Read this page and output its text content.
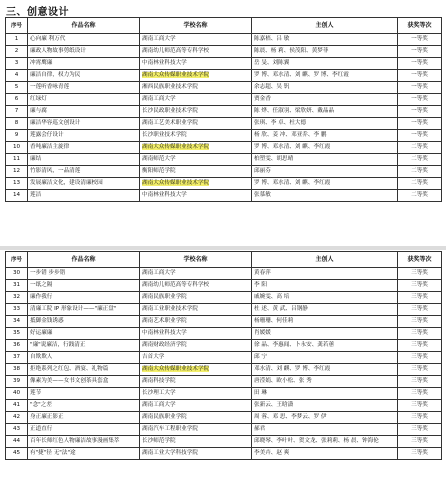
三、创意设计
序号	作品名称	学校名称	主创人	获奖等次
1	心向廉 利万代	湖南工商大学	陈嘉梧、吕 敏	一等奖
2	廉政人物故事剪纸设计	湖南幼儿师范高等专科学校	陈晨、杨 莉、侯茂阳、黄梦菲	一等奖
3	冲霄鹰廉	中南林业科技大学	岳 旻、刘陈翼	一等奖
4	廉洁自律，权力为民	湖南大众传媒职业技术学院	罗 博、邓水清、刘 麒、罗 博、李红霞	一等奖
5	一莲听香咏青莲	湘西民族职业技术学院	余志超、吴 钒	一等奖
6	红绿灯	湖南工商大学	贾金香	一等奖
7	廉与腐	长沙民政职业技术学院	陈 烨、任淑羽、梁欣妍、戴晶晶	一等奖
8	廉洁华容巡文创设计	湖南工艺美术职业学院	张琪、李 卓、杜大德	一等奖
9	莲露会仔设计	长沙职业技术学院	杨 欣、姜 冲、邓亚乔、李 鹏	一等奖
10	香吨廉洁主旋律	湖南大众传媒职业技术学院	罗 博、邓水清、刘 麒、李红霞	二等奖
11	廉结	湖南师范大学	柏塑雯、胡思晴	二等奖
12	竹影清风，一品清莲	衡阳师范学院	邱丽芬	二等奖
13	发展廉洁文化，建设清廉校园	湖南大众传媒职业技术学院	罗 博、邓水清、刘 麒、李红霞	二等奖
14	莲洁	中南林业科技大学	张慕敏	二等奖
序号	作品名称	学校名称	主创人	获奖等次
30	一步错 步步错	湖南工商大学	黄春萍	三等奖
31	一纸之隔	湖南幼儿师范高等专科学校	李 阳	三等奖
32	廉作我行	湖南民族职业学院	戚婉雯、高 培	三等奖
33	清廉工院 IP 形象设计——"廉正盘"	湖南工业职业技术学院	杜 述、黄 武、吕钢静	三等奖
34	抵御金钱诱惑	湖南艺术职业学院	杨珊珊、何佳莉	三等奖
35	好运廉廉	中南林业科技大学	肖媛媛	三等奖
36	"廉"说廉洁，行践清正	湖南财政经济学院	徐 晶、李惠闻、卜永安、龚若蕙	三等奖
37	自欺欺人	吉首大学	邱 宁	三等奖
38	拒绝系列之红包、酒宴、礼物篇	湖南大众传媒职业技术学院	邓水清、刘 麒、罗 博、李红霞	三等奖
39	像素为美——女书文创茶具套盒	湖南科技学院	唐滢娟、欧小松、张 秀	三等奖
40	莲节	长沙理工大学	田 琳	三等奖
41	"念"之差	湖南工商大学	张新云、王晗潇	三等奖
42	身正廉正影正	湖南民族职业学院	周 蓉、邓 思、李梦云、罗 伊	三等奖
43	正道直行	湖南汽车工程职业学院	郝君	三等奖
44	百年长师红色人物廉洁故事漫画集萃	长沙师范学院	邱晓琴、李叶叶、贺文龙、张莉莉、杨 晨、钟海伦	三等奖
45	有"捷"径 无"法"途	湖南工业大学科技学院	李美卉、赵 爽	三等奖
